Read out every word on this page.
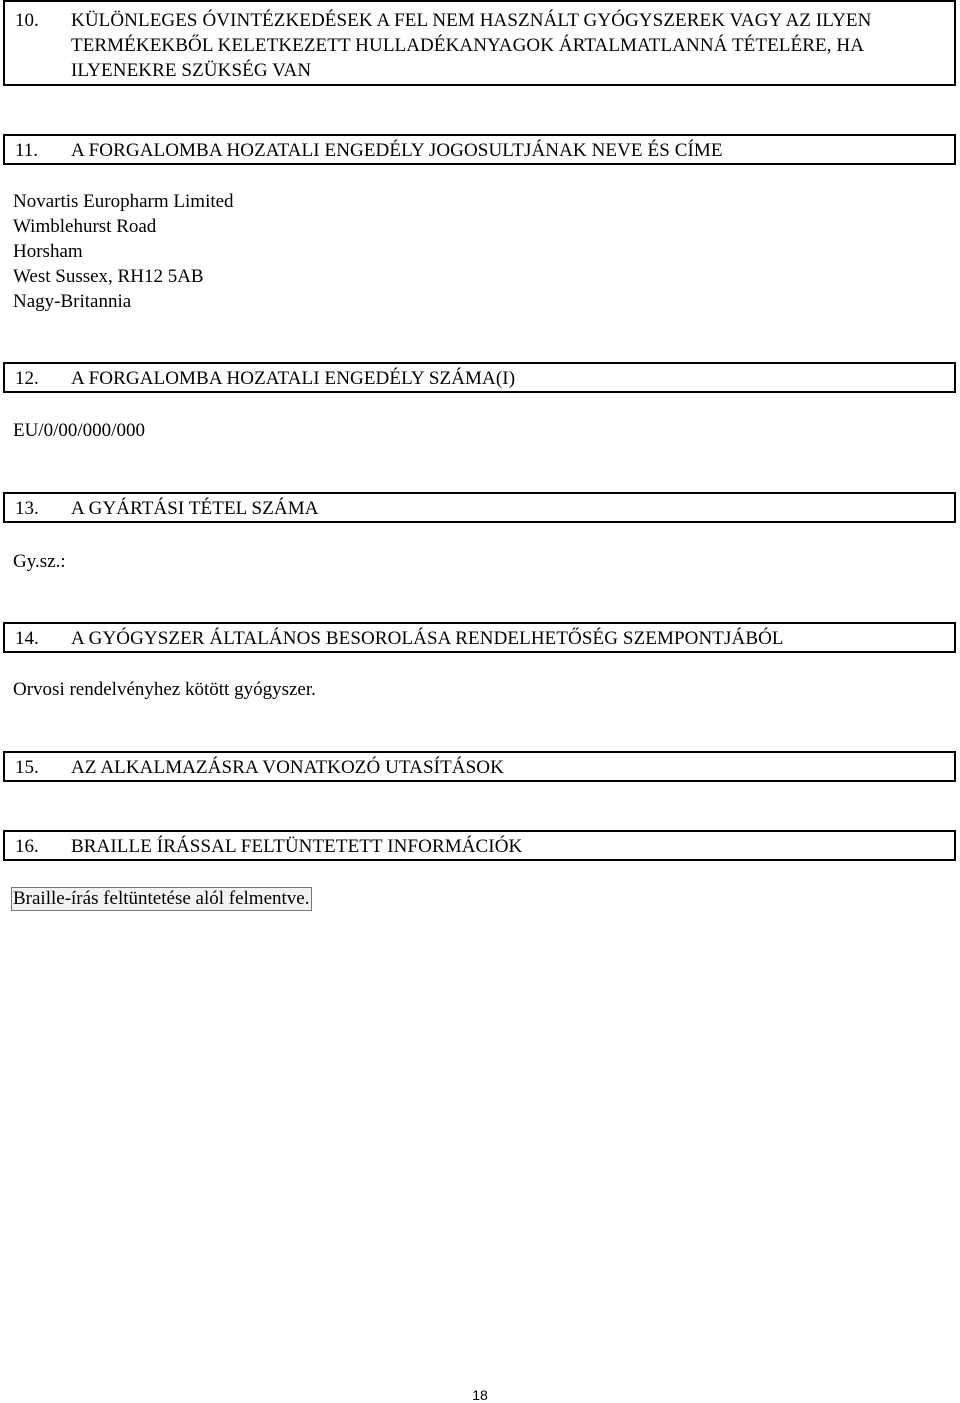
10.	KÜLÖNLEGES ÓVINTÉZKEDÉSEK A FEL NEM HASZNÁLT GYÓGYSZEREK VAGY AZ ILYEN TERMÉKEKBŐL KELETKEZETT HULLADÉKANYAGOK ÁRTALMATLANNÁ TÉTELÉRE, HA ILYENEKRE SZÜKSÉG VAN
11.	A FORGALOMBA HOZATALI ENGEDÉLY JOGOSULTJÁNAK NEVE ÉS CÍME
Novartis Europharm Limited
Wimblehurst Road
Horsham
West Sussex, RH12 5AB
Nagy-Britannia
12.	A FORGALOMBA HOZATALI ENGEDÉLY SZÁMA(I)
EU/0/00/000/000
13.	A GYÁRTÁSI TÉTEL SZÁMA
Gy.sz.:
14.	A GYÓGYSZER ÁLTALÁNOS BESOROLÁSA RENDELHETŐSÉG SZEMPONTJÁBÓL
Orvosi rendelvényhez kötött gyógyszer.
15.	AZ ALKALMAZÁSRA VONATKOZÓ UTASÍTÁSOK
16.	BRAILLE ÍRÁSSAL FELTÜNTETETT INFORMÁCIÓK
Braille-írás feltüntetése alól felmentve.
18
